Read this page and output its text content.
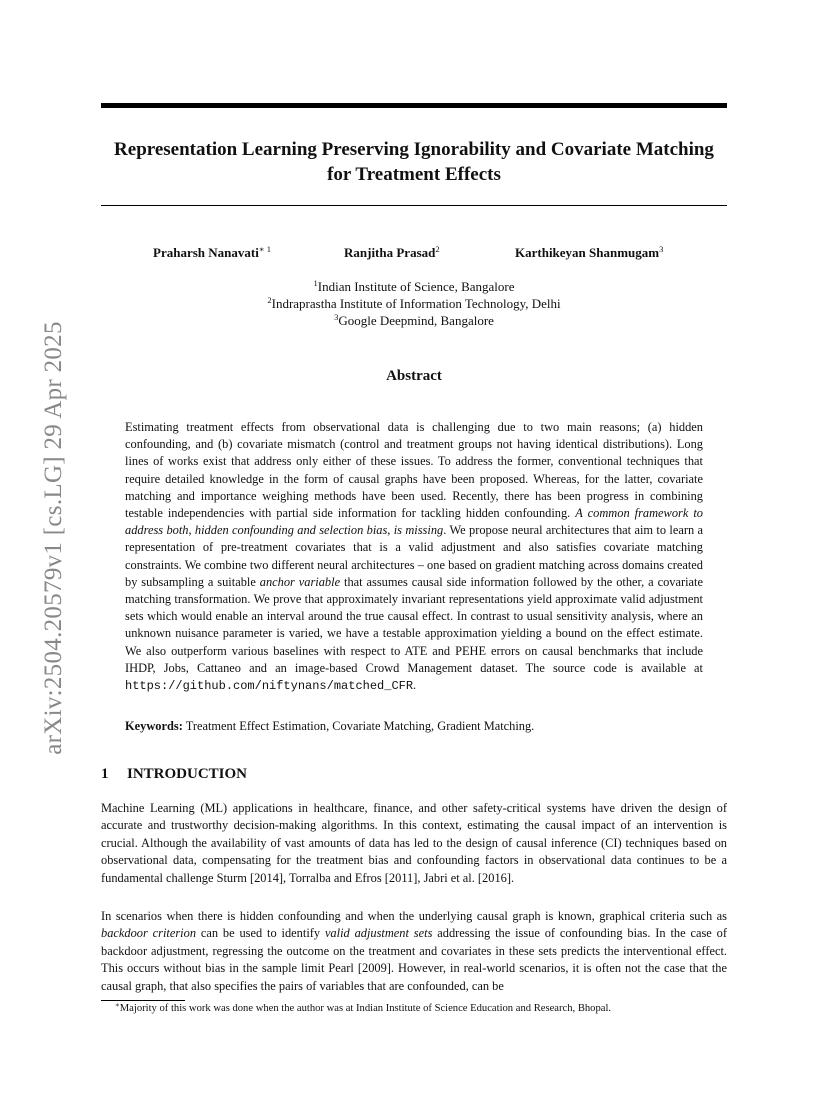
arXiv:2504.20579v1 [cs.LG] 29 Apr 2025
Representation Learning Preserving Ignorability and Covariate Matching
for Treatment Effects
Praharsh Nanavati$^{∗ 1}$	Ranjitha Prasad$^2$	Karthikeyan Shanmugam$^3$
$^1$Indian Institute of Science, Bangalore
$^2$Indraprastha Institute of Information Technology, Delhi
$^3$Google Deepmind, Bangalore
Abstract

Estimating treatment effects from observational data is challenging due to two main reasons; (a) hidden confounding, and (b) covariate mismatch (control and treatment groups not having identical distributions). Long lines of works exist that address only either of these issues. To address the former, conventional techniques that require detailed knowledge in the form of causal graphs have been proposed. Whereas, for the latter, covariate matching and importance weighing methods have been used. Recently, there has been progress in combining testable independencies with partial side information for tackling hidden confounding. A common framework to address both, hidden confounding and selection bias, is missing. We propose neural architectures that aim to learn a representation of pre-treatment covariates that is a valid adjustment and also satisfies covariate matching constraints. We combine two different neural architectures – one based on gradient matching across domains created by subsampling a suitable anchor variable that assumes causal side information followed by the other, a covariate matching transformation. We prove that approximately invariant representations yield approximate valid adjustment sets which would enable an interval around the true causal effect. In contrast to usual sensitivity analysis, where an unknown nuisance parameter is varied, we have a testable approximation yielding a bound on the effect estimate. We also outperform various baselines with respect to ATE and PEHE errors on causal benchmarks that include IHDP, Jobs, Cattaneo and an image-based Crowd Management dataset. The source code is available at https://github.com/niftynans/matched_CFR.

Keywords: Treatment Effect Estimation, Covariate Matching, Gradient Matching.

1 INTRODUCTION

Machine Learning (ML) applications in healthcare, finance, and other safety-critical systems have driven the design of accurate and trustworthy decision-making algorithms. In this context, estimating the causal impact of an intervention is crucial. Although the availability of vast amounts of data has led to the design of causal inference (CI) techniques based on observational data, compensating for the treatment bias and confounding factors in observational data continues to be a fundamental challenge Sturm [2014], Torralba and Efros [2011], Jabri et al. [2016].

In scenarios when there is hidden confounding and when the underlying causal graph is known, graphical criteria such as backdoor criterion can be used to identify valid adjustment sets addressing the issue of confounding bias. In the case of backdoor adjustment, regressing the outcome on the treatment and covariates in these sets predicts the interventional effect. This occurs without bias in the sample limit Pearl [2009]. However, in real-world scenarios, it is often not the case that the causal graph, that also specifies the pairs of variables that are confounded, can be

∗Majority of this work was done when the author was at Indian Institute of Science Education and Research, Bhopal.
